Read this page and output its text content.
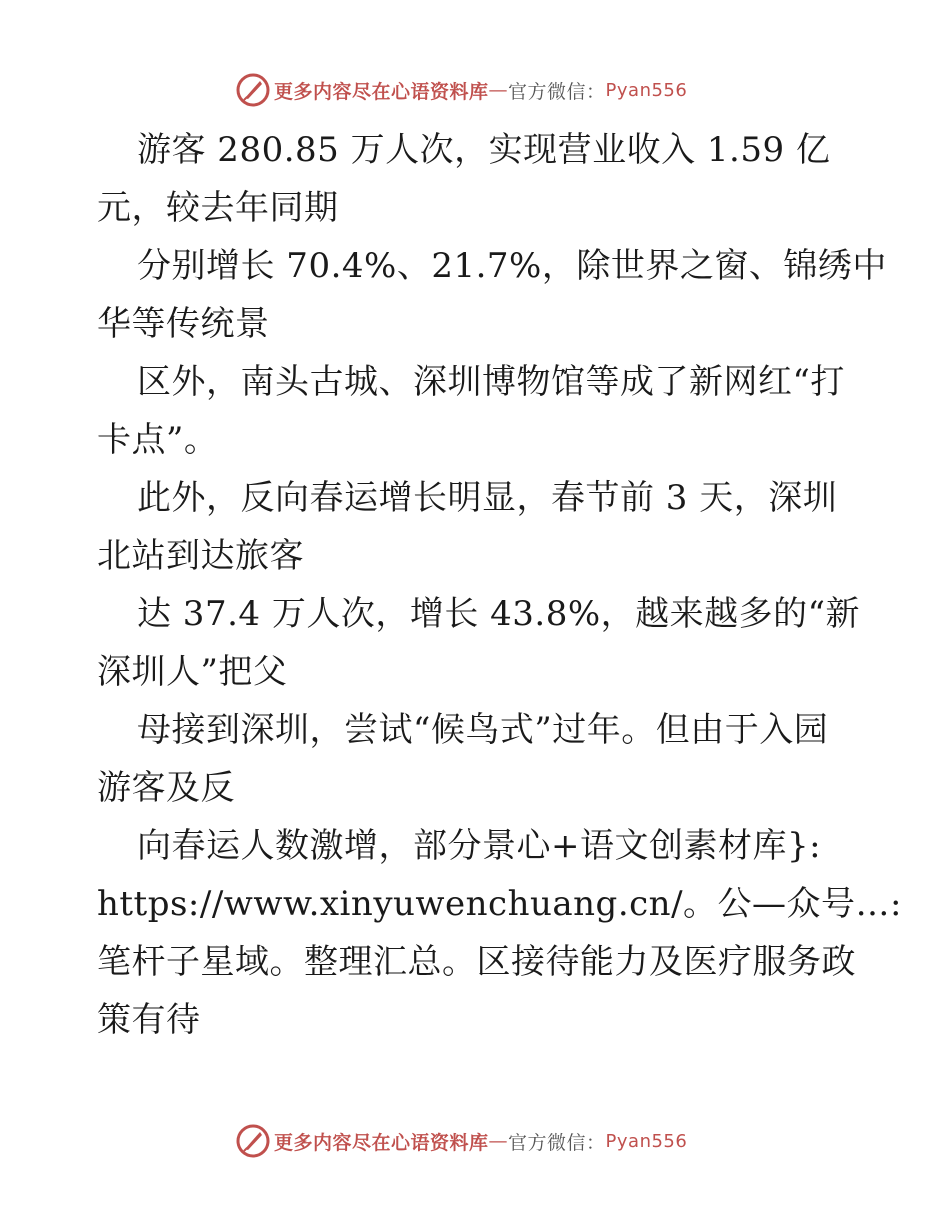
更多内容尽在心语资料库 — 官方微信： Pyan556
游客 280.85 万人次，实现营业收入 1.59 亿
元，较去年同期
分别增长 70.4%、21.7%，除世界之窗、锦绣中
华等传统景
区外，南头古城、深圳博物馆等成了新网红“打
卡点”。
此外，反向春运增长明显，春节前 3 天，深圳
北站到达旅客
达 37.4 万人次，增长 43.8%，越来越多的“新
深圳人”把父
母接到深圳，尝试“候鸟式”过年。但由于入园
游客及反
向春运人数激增，部分景心+语文创素材库}:
https://www.xinyuwenchuang.cn/。公—众号…:
笔杆子星域。整理汇总。区接待能力及医疗服务政
策有待
更多内容尽在心语资料库 — 官方微信： Pyan556
